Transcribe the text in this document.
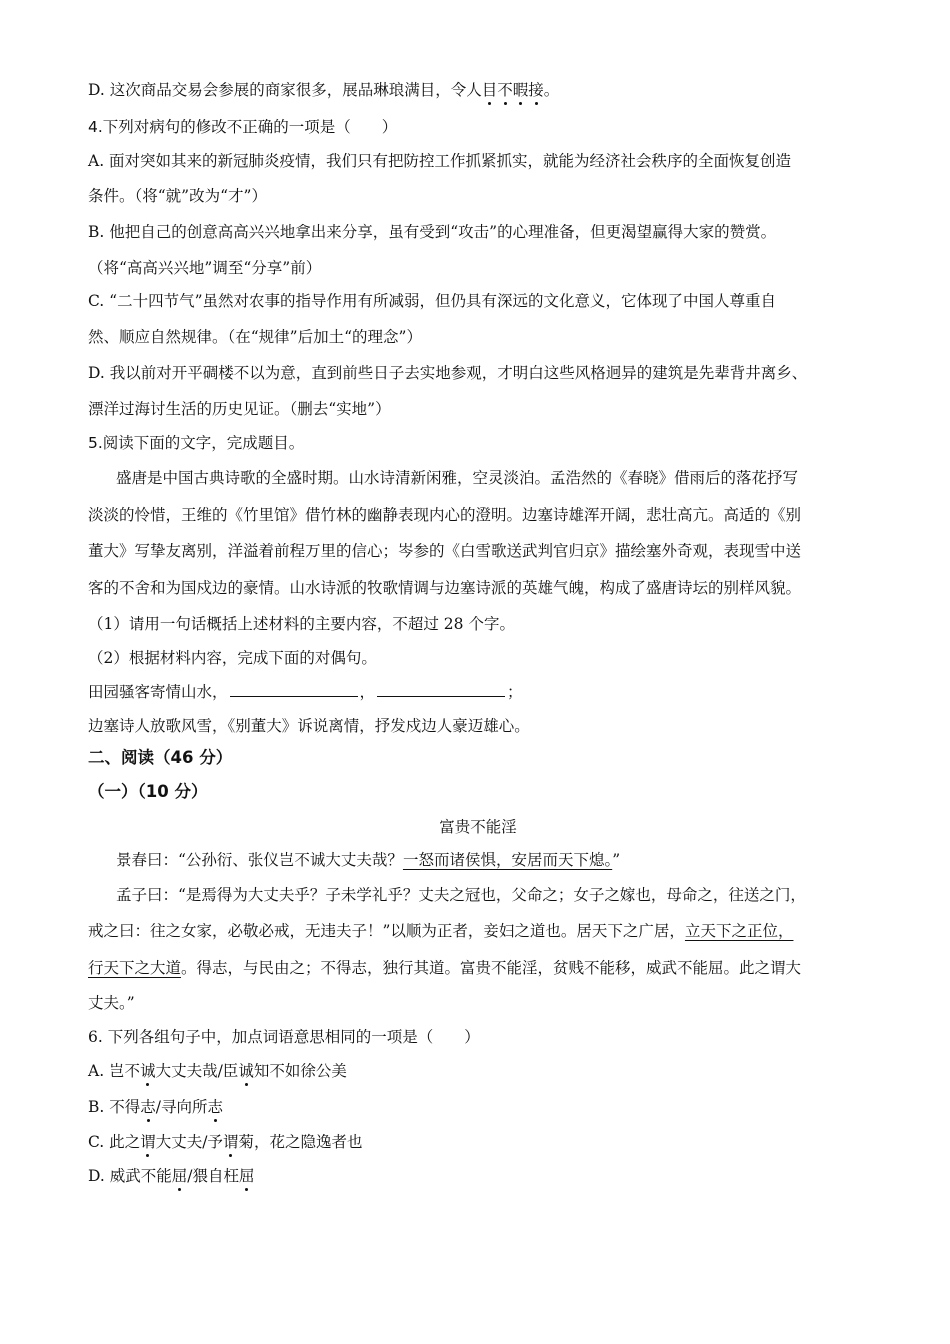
D. 这次商品交易会参展的商家很多，展品琳琅满目，令人目不暇接。
4.下列对病句的修改不正确的一项是（　　）
A. 面对突如其来的新冠肺炎疫情，我们只有把防控工作抓紧抓实，就能为经济社会秩序的全面恢复创造
条件。（将“就”改为“才”）
B. 他把自己的创意高高兴兴地拿出来分享，虽有受到“攻击”的心理准备，但更渴望赢得大家的赞赏。
（将“高高兴兴地”调至“分享”前）
C. “二十四节气”虽然对农事的指导作用有所减弱，但仍具有深远的文化意义，它体现了中国人尊重自
然、顺应自然规律。（在“规律”后加土“的理念”）
D. 我以前对开平碉楼不以为意，直到前些日子去实地参观，才明白这些风格迥异的建筑是先辈背井离乡、
漂洋过海讨生活的历史见证。（删去“实地”）
5.阅读下面的文字，完成题目。
盛唐是中国古典诗歌的全盛时期。山水诗清新闲雅，空灵淡泊。孟浩然的《春晓》借雨后的落花抒写
淡淡的怜惜，王维的《竹里馆》借竹林的幽静表现内心的澄明。边塞诗雄浑开阔，悲壮高亢。高适的《别
董大》写挚友离别，洋溢着前程万里的信心；岑参的《白雪歌送武判官归京》描绘塞外奇观，表现雪中送
客的不舍和为国戍边的豪情。山水诗派的牧歌情调与边塞诗派的英雄气魄，构成了盛唐诗坛的别样风貌。
（1）请用一句话概括上述材料的主要内容，不超过 28 个字。
（2）根据材料内容，完成下面的对偶句。
田园骚客寄情山水，	，	；
边塞诗人放歌风雪，《别董大》诉说离情，抒发戍边人豪迈雄心。
二、阅读（46 分）
（一）（10 分）
富贵不能淫
景春曰：“公孙衍、张仪岂不诚大丈夫哉？一怒而诸侯惧，安居而天下熄。”
孟子曰：“是焉得为大丈夫乎？子未学礼乎？丈夫之冠也，父命之；女子之嫁也，母命之，往送之门，
戒之曰：往之女家，必敬必戒，无违夫子！”以顺为正者，妾妇之道也。居天下之广居，立天下之正位，
行天下之大道。得志，与民由之；不得志，独行其道。富贵不能淫，贫贱不能移，威武不能屈。此之谓大
丈夫。”
6. 下列各组句子中，加点词语意思相同的一项是（　　）
A. 岂不诚大丈夫哉/臣诚知不如徐公美
B. 不得志/寻向所志
C. 此之谓大丈夫/予谓菊，花之隐逸者也
D. 威武不能屈/猥自枉屈
